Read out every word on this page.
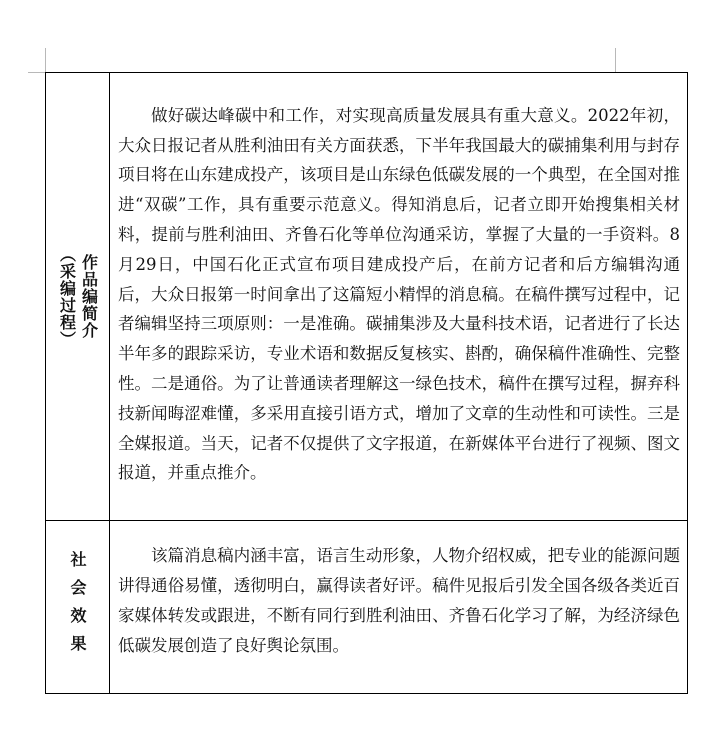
（采编过程） 作品编简介	做好碳达峰碳中和工作，对实现高质量发展具有重大意义。2022年初，大众日报记者从胜利油田有关方面获悉，下半年我国最大的碳捕集利用与封存项目将在山东建成投产，该项目是山东绿色低碳发展的一个典型，在全国对推进“双碳”工作，具有重要示范意义。得知消息后，记者立即开始搜集相关材料，提前与胜利油田、齐鲁石化等单位沟通采访，掌握了大量的一手资料。8月29日，中国石化正式宣布项目建成投产后，在前方记者和后方编辑沟通后，大众日报第一时间拿出了这篇短小精悍的消息稿。在稿件撰写过程中，记者编辑坚持三项原则：一是准确。碳捕集涉及大量科技术语，记者进行了长达半年多的跟踪采访，专业术语和数据反复核实、斟酌，确保稿件准确性、完整性。二是通俗。为了让普通读者理解这一绿色技术，稿件在撰写过程，摒弃科技新闻晦涩难懂，多采用直接引语方式，增加了文章的生动性和可读性。三是全媒报道。当天，记者不仅提供了文字报道，在新媒体平台进行了视频、图文报道，并重点推介。

社会效果	该篇消息稿内涵丰富，语言生动形象，人物介绍权威，把专业的能源问题讲得通俗易懂，透彻明白，赢得读者好评。稿件见报后引发全国各级各类近百家媒体转发或跟进，不断有同行到胜利油田、齐鲁石化学习了解，为经济绿色低碳发展创造了良好舆论氛围。
